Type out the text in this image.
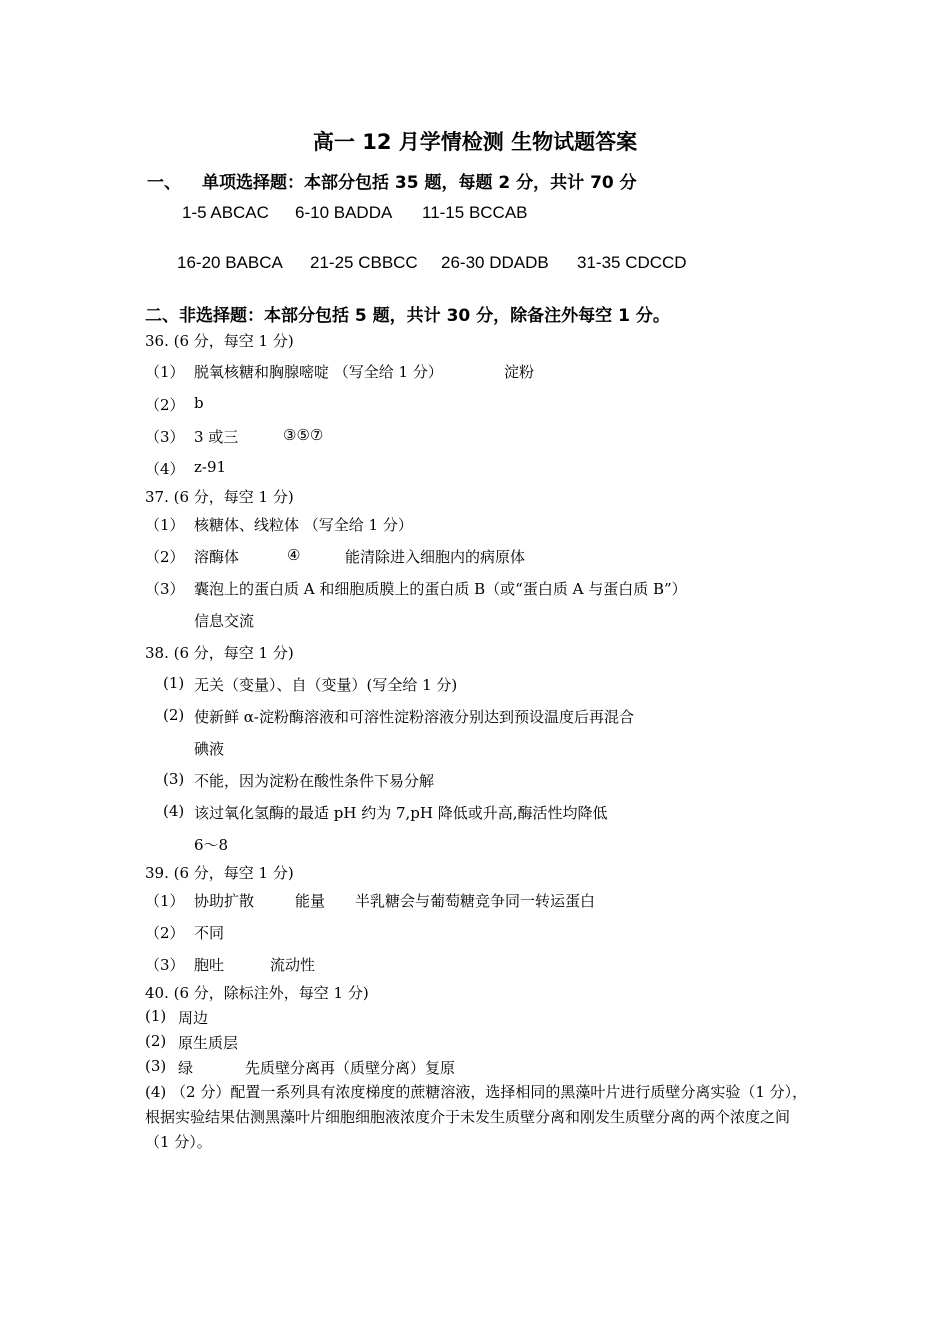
高一 12 月学情检测 生物试题答案
一、 单项选择题：本部分包括 35 题，每题 2 分，共计 70 分
1-5 ABCAC 6-10 BADDA 11-15 BCCAB
16-20 BABCA 21-25 CBBCC 26-30 DDADB 31-35 CDCCD
二、非选择题：本部分包括 5 题，共计 30 分，除备注外每空 1 分。
36. (6 分，每空 1 分)
（1） 脱氧核糖和胸腺嘧啶 （写全给 1 分）	淀粉
（2） b
（3） 3 或三	③⑤⑦
（4） z-91
37. (6 分，每空 1 分)
（1） 核糖体、线粒体 （写全给 1 分）
（2） 溶酶体	④	能清除进入细胞内的病原体
（3） 囊泡上的蛋白质 A 和细胞质膜上的蛋白质 B（或“蛋白质 A 与蛋白质 B”）
信息交流
38. (6 分，每空 1 分)
(1) 无关（变量）、自（变量）(写全给 1 分)
(2) 使新鲜 α-淀粉酶溶液和可溶性淀粉溶液分别达到预设温度后再混合
碘液
(3) 不能，因为淀粉在酸性条件下易分解
(4) 该过氧化氢酶的最适 pH 约为 7,pH 降低或升高,酶活性均降低
6～8
39. (6 分，每空 1 分)
（1） 协助扩散	能量 半乳糖会与葡萄糖竞争同一转运蛋白
（2） 不同
（3） 胞吐	流动性
40. (6 分，除标注外，每空 1 分)
(1) 周边
(2) 原生质层
(3) 绿	先质壁分离再（质壁分离）复原
(4) （2 分）配置一系列具有浓度梯度的蔗糖溶液，选择相同的黑藻叶片进行质壁分离实验（1 分），根据实验结果估测黑藻叶片细胞细胞液浓度介于未发生质壁分离和刚发生质壁分离的两个浓度之间（1 分）。
